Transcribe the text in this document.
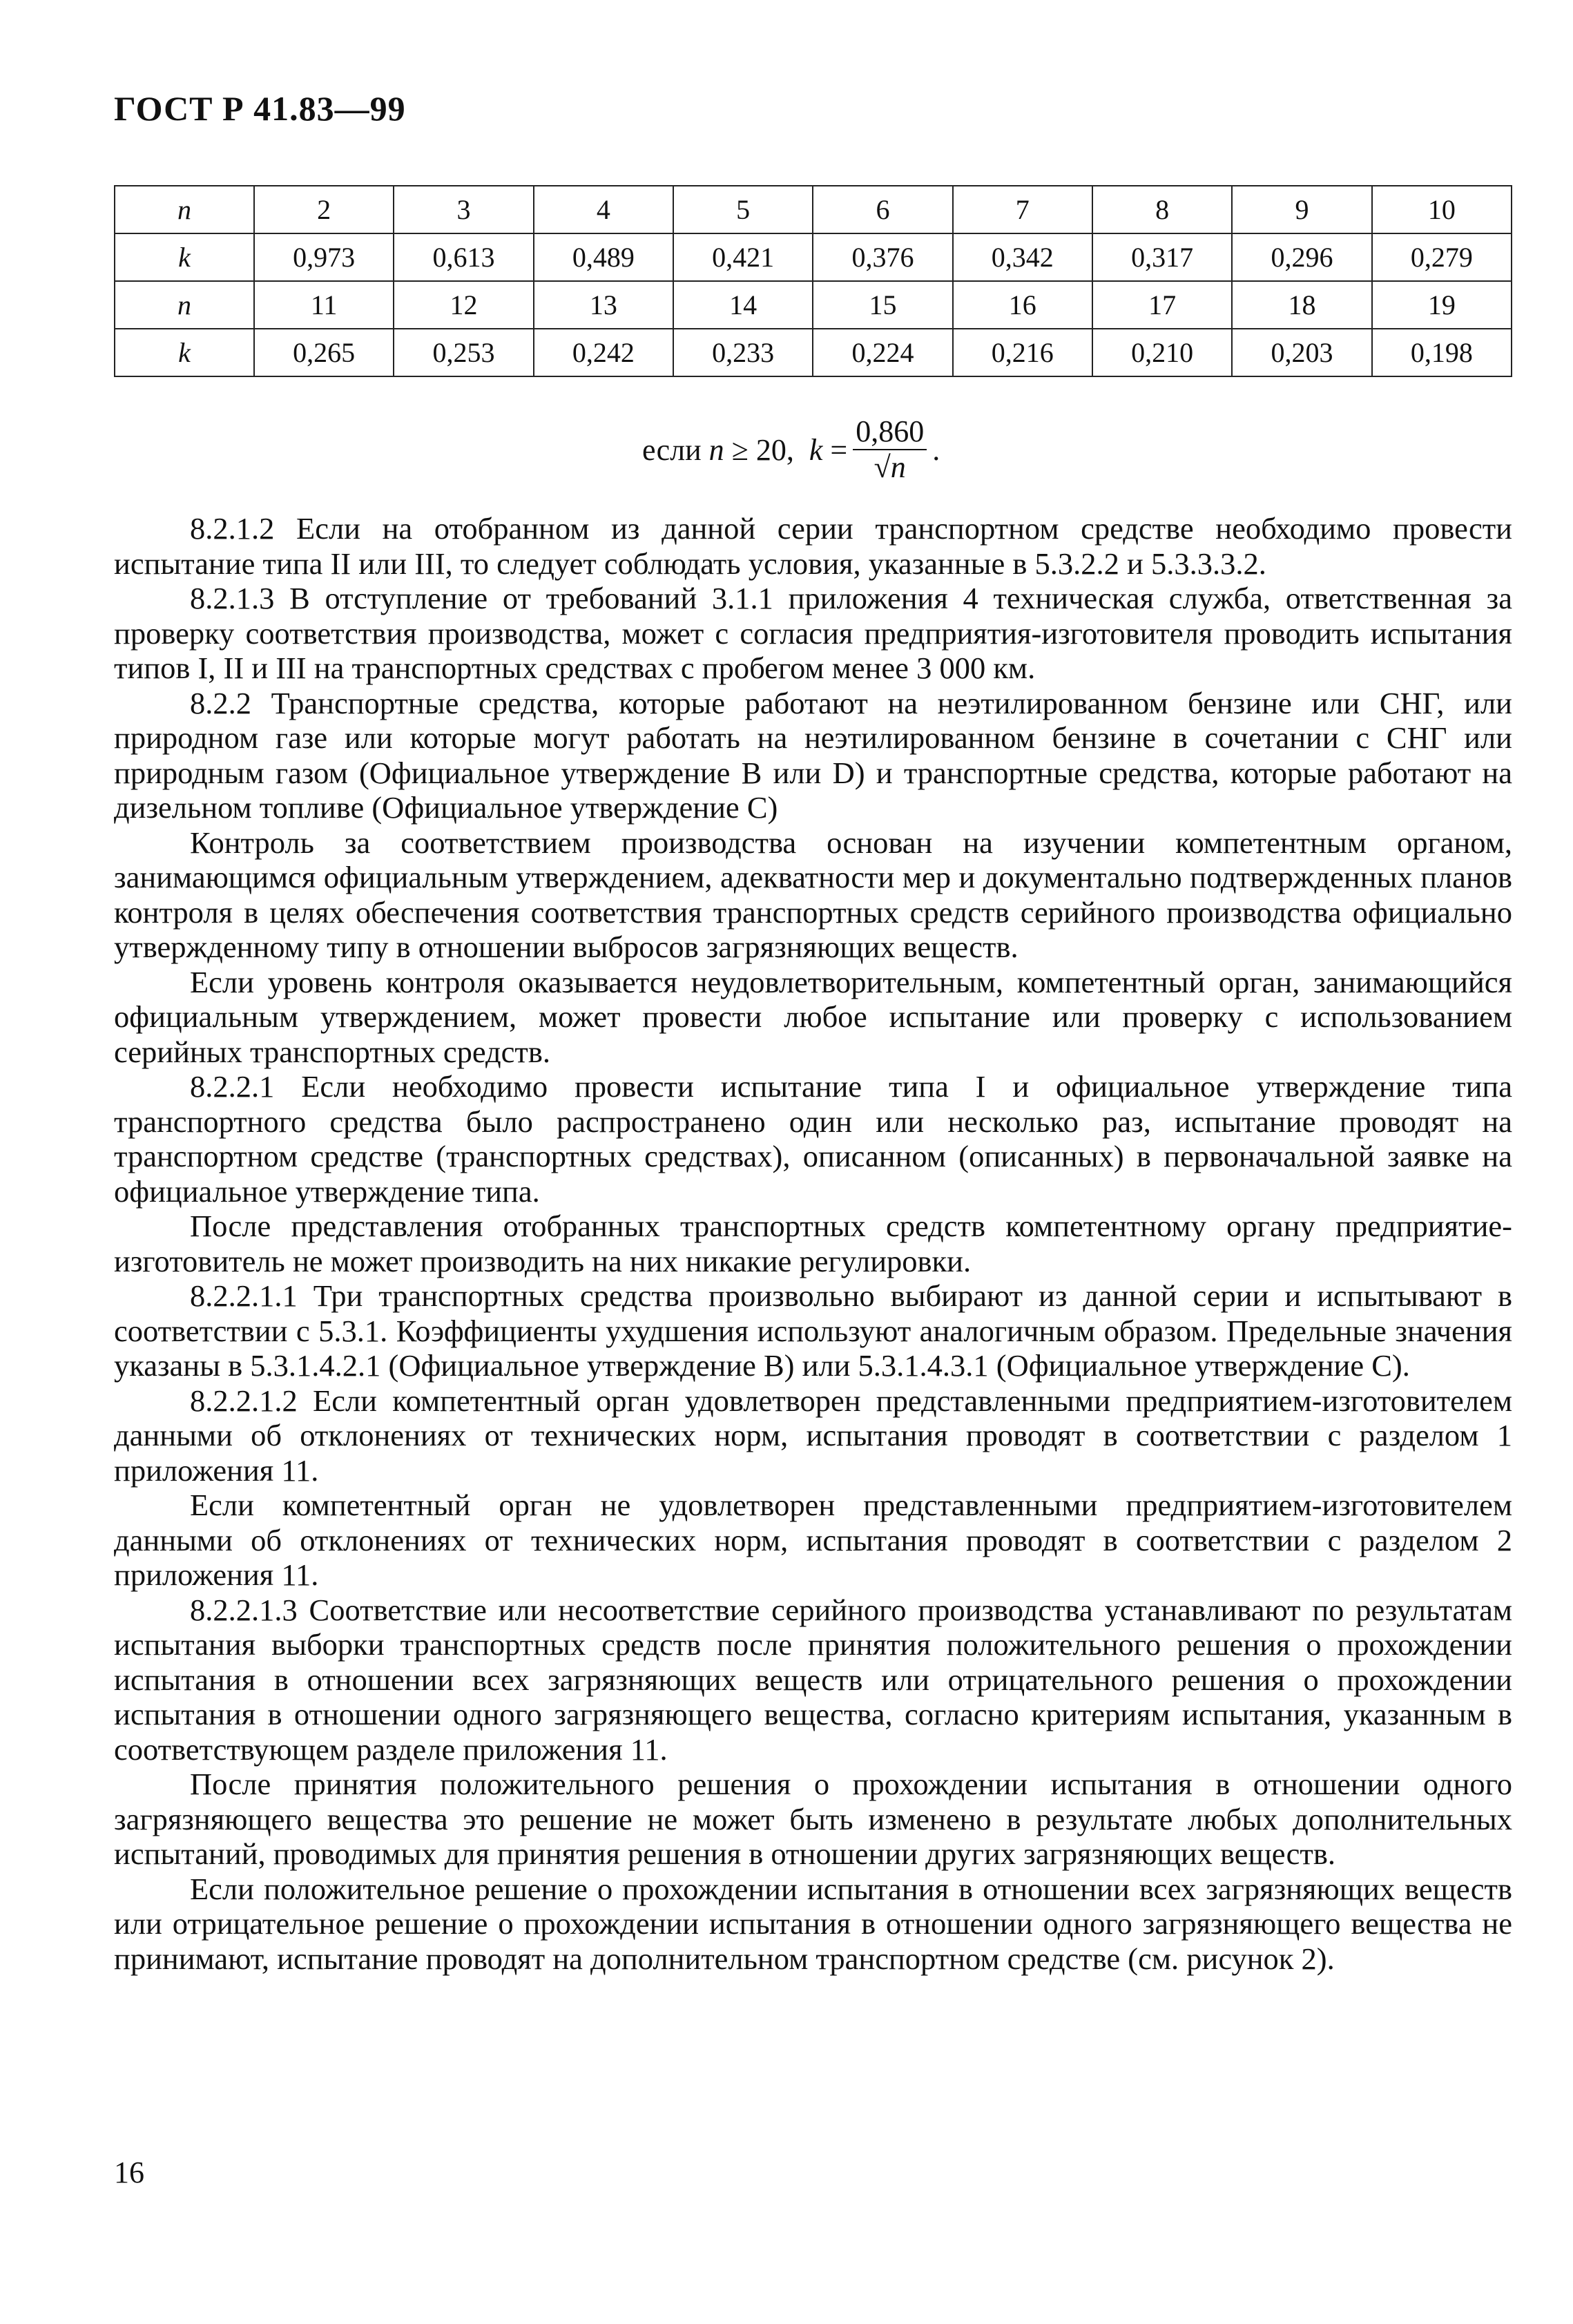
ГОСТ Р 41.83—99
n	2	3	4	5	6	7	8	9	10
k	0,973	0,613	0,489	0,421	0,376	0,342	0,317	0,296	0,279
n	11	12	13	14	15	16	17	18	19
k	0,265	0,253	0,242	0,233	0,224	0,216	0,210	0,203	0,198
если
n
≥ 20,
k
= $\frac{0,860}{√n}$ .

8.2.1.2 Если на отобранном из данной серии транспортном средстве необходимо провести испытание типа II или III, то следует соблюдать условия, указанные в 5.3.2.2 и 5.3.3.3.2.

8.2.1.3 В отступление от требований 3.1.1 приложения 4 техническая служба, ответственная за проверку соответствия производства, может с согласия предприятия-изготовителя проводить испытания типов I, II и III на транспортных средствах с пробегом менее 3 000 км.

8.2.2 Транспортные средства, которые работают на неэтилированном бензине или СНГ, или природном газе или которые могут работать на неэтилированном бензине в сочетании с СНГ или природным газом (Официальное утверждение В или D) и транспортные средства, которые работают на дизельном топливе (Официальное утверждение С)

Контроль за соответствием производства основан на изучении компетентным органом, занимающимся официальным утверждением, адекватности мер и документально подтвержденных планов контроля в целях обеспечения соответствия транспортных средств серийного производства официально утвержденному типу в отношении выбросов загрязняющих веществ.

Если уровень контроля оказывается неудовлетворительным, компетентный орган, занимающийся официальным утверждением, может провести любое испытание или проверку с использованием серийных транспортных средств.

8.2.2.1 Если необходимо провести испытание типа I и официальное утверждение типа транспортного средства было распространено один или несколько раз, испытание проводят на транспортном средстве (транспортных средствах), описанном (описанных) в первоначальной заявке на официальное утверждение типа.

После представления отобранных транспортных средств компетентному органу предприятие-изготовитель не может производить на них никакие регулировки.

8.2.2.1.1 Три транспортных средства произвольно выбирают из данной серии и испытывают в соответствии с 5.3.1. Коэффициенты ухудшения используют аналогичным образом. Предельные значения указаны в 5.3.1.4.2.1 (Официальное утверждение В) или 5.3.1.4.3.1 (Официальное утверждение С).

8.2.2.1.2 Если компетентный орган удовлетворен представленными предприятием-изготовителем данными об отклонениях от технических норм, испытания проводят в соответствии с разделом 1 приложения 11.

Если компетентный орган не удовлетворен представленными предприятием-изготовителем данными об отклонениях от технических норм, испытания проводят в соответствии с разделом 2 приложения 11.

8.2.2.1.3 Соответствие или несоответствие серийного производства устанавливают по результатам испытания выборки транспортных средств после принятия положительного решения о прохождении испытания в отношении всех загрязняющих веществ или отрицательного решения о прохождении испытания в отношении одного загрязняющего вещества, согласно критериям испытания, указанным в соответствующем разделе приложения 11.

После принятия положительного решения о прохождении испытания в отношении одного загрязняющего вещества это решение не может быть изменено в результате любых дополнительных испытаний, проводимых для принятия решения в отношении других загрязняющих веществ.

Если положительное решение о прохождении испытания в отношении всех загрязняющих веществ или отрицательное решение о прохождении испытания в отношении одного загрязняющего вещества не принимают, испытание проводят на дополнительном транспортном средстве (см. рисунок 2).

16
